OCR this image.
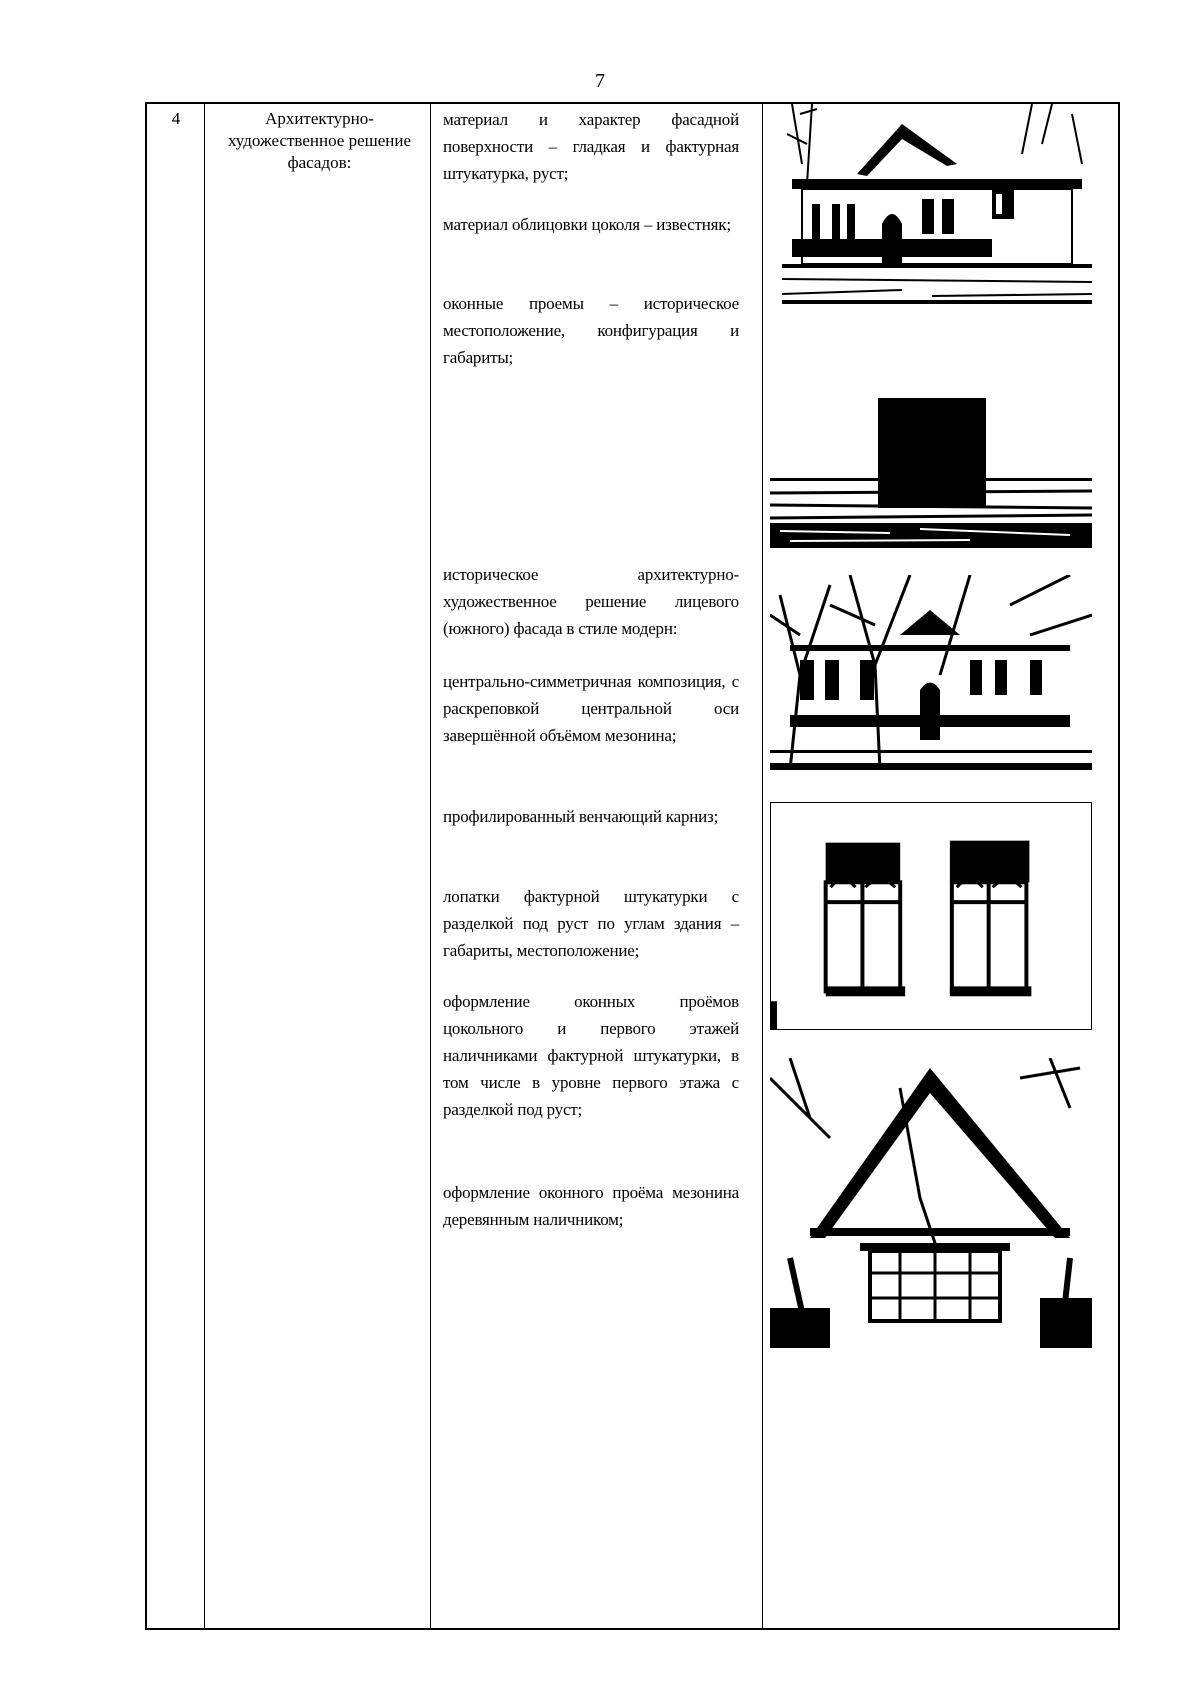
7
4	Архитектурно-художественное решение фасадов:
материал и характер фасадной поверхности – гладкая и фактурная штукатурка, руст;
материал облицовки цоколя – известняк;
оконные проемы – историческое местоположение, конфигурация и габариты;
историческое архитектурно-художественное решение лицевого (южного) фасада в стиле модерн:
центрально-симметричная композиция, с раскреповкой центральной оси завершённой объёмом мезонина;
профилированный венчающий карниз;
лопатки фактурной штукатурки с разделкой под руст по углам здания – габариты, местоположение;
оформление оконных проёмов цокольного и первого этажей наличниками фактурной штукатурки, в том числе в уровне первого этажа с разделкой под руст;
оформление оконного проёма мезонина деревянным наличником;
